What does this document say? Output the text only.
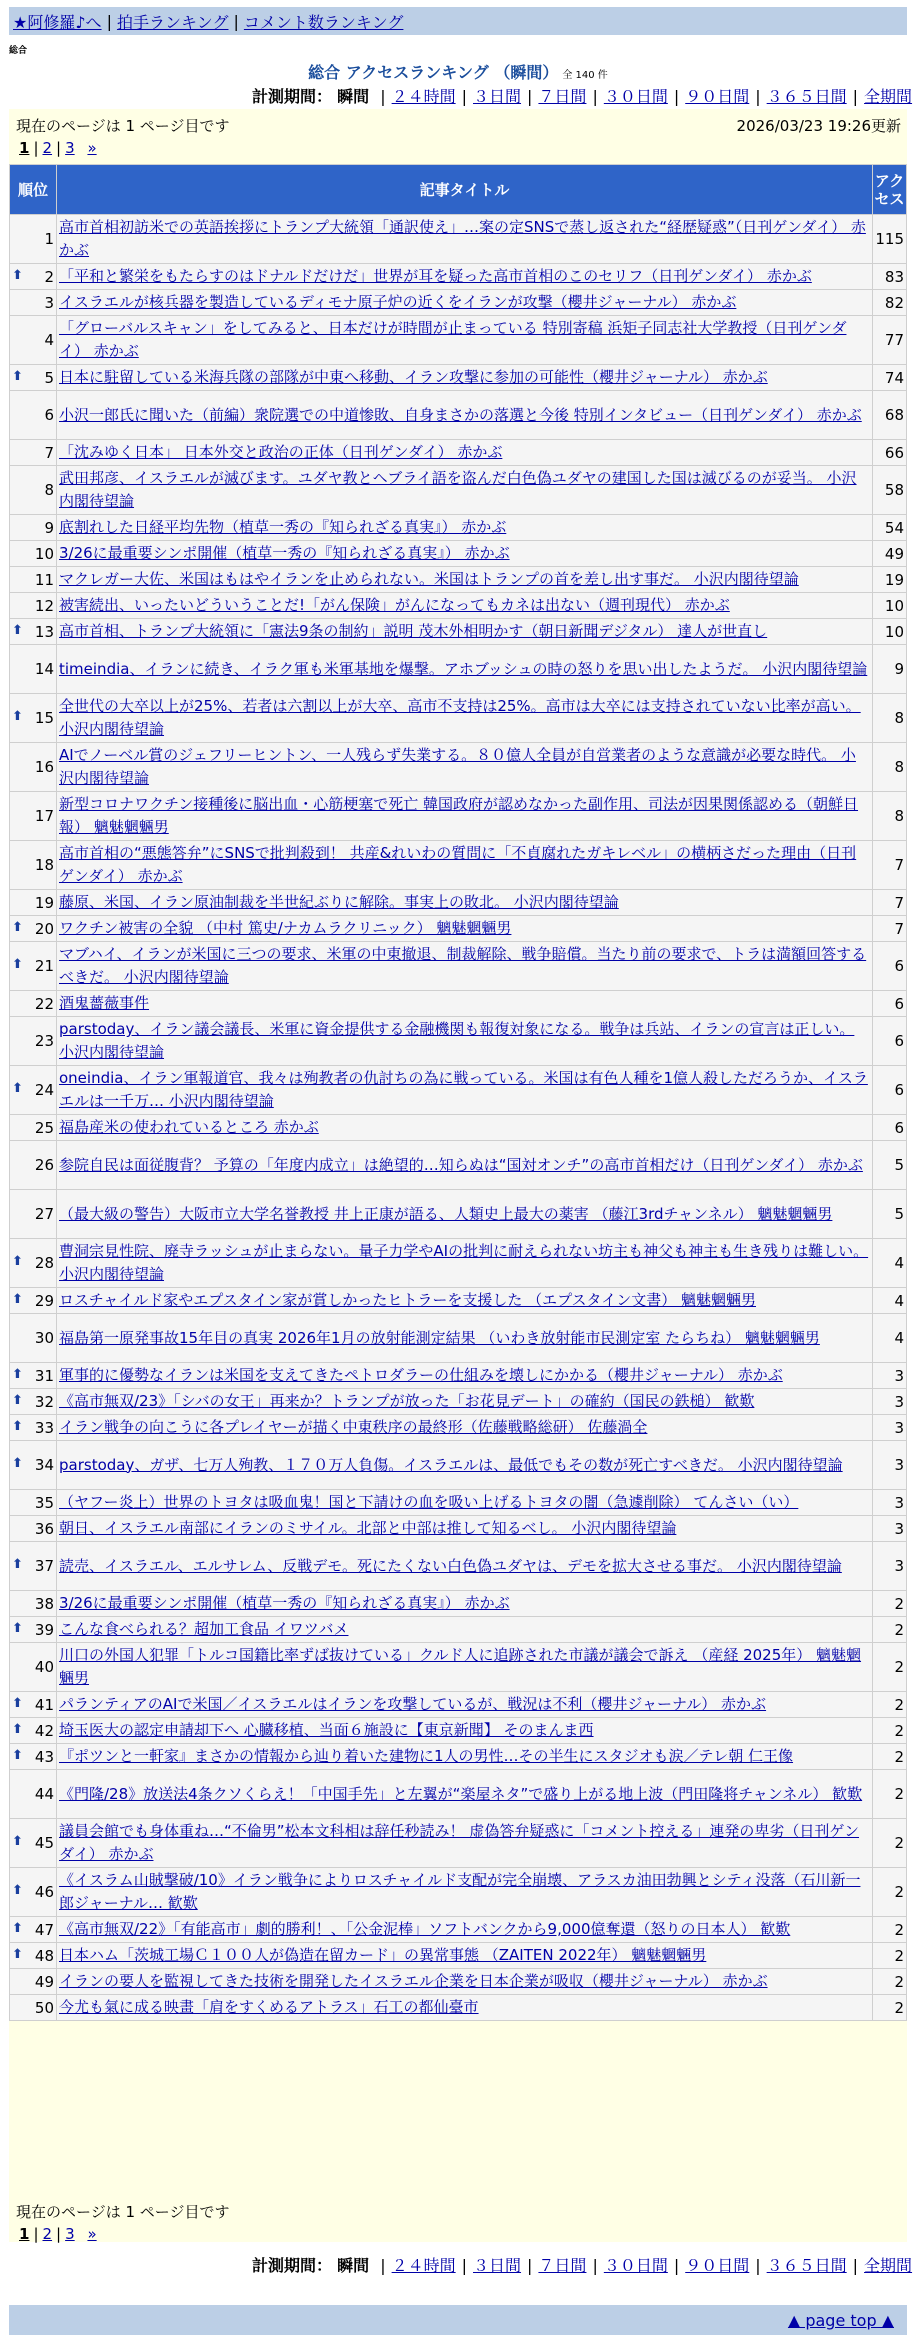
★阿修羅♪へ | 拍手ランキング | コメント数ランキング
総合
総合 アクセスランキング （瞬間） 全 140 件
計測期間： 瞬間 | ２４時間 | ３日間 | ７日間 | ３０日間 | ９０日間 | ３６５日間 | 全期間
現在のページは 1 ページ目です	2026/03/23 19:26更新
1 | 2 | 3 »
順位	記事タイトル	アクセス
1	高市首相初訪米での英語挨拶にトランプ大統領「通訳使え」…案の定SNSで蒸し返された“経歴疑惑”（日刊ゲンダイ） 赤かぶ	115

⬆ 2	「平和と繁栄をもたらすのはドナルドだけだ」世界が耳を疑った高市首相のこのセリフ（日刊ゲンダイ） 赤かぶ	83
3	イスラエルが核兵器を製造しているディモナ原子炉の近くをイランが攻撃（櫻井ジャーナル） 赤かぶ	82
4	「グローバルスキャン」をしてみると、日本だけが時間が止まっている 特別寄稿 浜矩子同志社大学教授（日刊ゲンダイ） 赤かぶ	77

⬆ 5	日本に駐留している米海兵隊の部隊が中東へ移動、イラン攻撃に参加の可能性（櫻井ジャーナル） 赤かぶ	74
6	小沢一郎氏に聞いた（前編）衆院選での中道惨敗、自身まさかの落選と今後 特別インタビュー（日刊ゲンダイ） 赤かぶ	68
7	「沈みゆく日本」 日本外交と政治の正体（日刊ゲンダイ） 赤かぶ	66
8	武田邦彦、イスラエルが滅びます。ユダヤ教とヘブライ語を盗んだ白色偽ユダヤの建国した国は滅びるのが妥当。 小沢内閣待望論	58
9	底割れした日経平均先物（植草一秀の『知られざる真実』） 赤かぶ	54
10	3/26に最重要シンポ開催（植草一秀の『知られざる真実』） 赤かぶ	49
11	マクレガー大佐、米国はもはやイランを止められない。米国はトランプの首を差し出す事だ。 小沢内閣待望論	19
12	被害続出、いったいどういうことだ!「がん保険」がんになってもカネは出ない（週刊現代） 赤かぶ	10

⬆ 13	高市首相、トランプ大統領に「憲法9条の制約」説明 茂木外相明かす（朝日新聞デジタル） 達人が世直し	10
14	timeindia、イランに続き、イラク軍も米軍基地を爆撃。アホブッシュの時の怒りを思い出したようだ。 小沢内閣待望論	9

⬆ 15	全世代の大卒以上が25%、若者は六割以上が大卒、高市不支持は25%。高市は大卒には支持されていない比率が高い。 小沢内閣待望論	8
16	AIでノーベル賞のジェフリーヒントン、一人残らず失業する。８０億人全員が自営業者のような意識が必要な時代。 小沢内閣待望論	8
17	新型コロナワクチン接種後に脳出血・心筋梗塞で死亡 韓国政府が認めなかった副作用、司法が因果関係認める（朝鮮日報） 魑魅魍魎男	8
18	高市首相の“悪態答弁”にSNSで批判殺到！ 共産&れいわの質問に「不貞腐れたガキレベル」の横柄さだった理由（日刊ゲンダイ） 赤かぶ	7
19	藤原、米国、イラン原油制裁を半世紀ぶりに解除。事実上の敗北。 小沢内閣待望論	7

⬆ 20	ワクチン被害の全貌 （中村 篤史/ナカムラクリニック） 魑魅魍魎男	7

⬆ 21	マブハイ、イランが米国に三つの要求、米軍の中東撤退、制裁解除、戦争賠償。当たり前の要求で、トラは満額回答するべきだ。 小沢内閣待望論	6
22	酒鬼薔薇事件	6
23	parstoday、イラン議会議長、米軍に資金提供する金融機関も報復対象になる。戦争は兵站、イランの宣言は正しい。 小沢内閣待望論	6

⬆ 24	oneindia、イラン軍報道官、我々は殉教者の仇討ちの為に戦っている。米国は有色人種を1億人殺しただろうか、イスラエルは一千万… 小沢内閣待望論	6
25	福島産米の使われているところ 赤かぶ	6
26	参院自民は面従腹背？ 予算の「年度内成立」は絶望的…知らぬは“国対オンチ”の高市首相だけ（日刊ゲンダイ） 赤かぶ	5
27	（最大級の警告）大阪市立大学名誉教授 井上正康が語る、人類史上最大の薬害 （藤江3rdチャンネル） 魑魅魍魎男	5

⬆ 28	曹洞宗見性院、廃寺ラッシュが止まらない。量子力学やAIの批判に耐えられない坊主も神父も神主も生き残りは難しい。 小沢内閣待望論	4

⬆ 29	ロスチャイルド家やエプスタイン家が賞しかったヒトラーを支援した （エプスタイン文書） 魑魅魍魎男	4
30	福島第一原発事故15年目の真実 2026年1月の放射能測定結果 （いわき放射能市民測定室 たらちね） 魑魅魍魎男	4

⬆ 31	軍事的に優勢なイランは米国を支えてきたペトロダラーの仕組みを壊しにかかる（櫻井ジャーナル） 赤かぶ	3

⬆ 32	《高市無双/23》「シバの女王」再来か？トランプが放った「お花見デート」の確約（国民の鉄槌） 歓歎	3

⬆ 33	イラン戦争の向こうに各プレイヤーが描く中東秩序の最終形（佐藤戦略総研） 佐藤渦全	3

⬆ 34	parstoday、ガザ、七万人殉教、１７０万人負傷。イスラエルは、最低でもその数が死亡すべきだ。 小沢内閣待望論	3
35	（ヤフー炎上）世界のトヨタは吸血鬼！国と下請けの血を吸い上げるトヨタの闇（急遽削除） てんさい（い）	3
36	朝日、イスラエル南部にイランのミサイル。北部と中部は推して知るべし。 小沢内閣待望論	3

⬆ 37	読売、イスラエル、エルサレム、反戦デモ。死にたくない白色偽ユダヤは、デモを拡大させる事だ。 小沢内閣待望論	3
38	3/26に最重要シンポ開催（植草一秀の『知られざる真実』） 赤かぶ	2

⬆ 39	こんな食べられる？超加工食品 イワツバメ	2
40	川口の外国人犯罪「トルコ国籍比率ずば抜けている」クルド人に追跡された市議が議会で訴え （産経 2025年） 魑魅魍魎男	2

⬆ 41	パランティアのAIで米国／イスラエルはイランを攻撃しているが、戦況は不利（櫻井ジャーナル） 赤かぶ	2

⬆ 42	埼玉医大の認定申請却下へ 心臓移植、当面６施設に【東京新聞】 そのまんま西	2

⬆ 43	『ポツンと一軒家』まさかの情報から辿り着いた建物に1人の男性…その半生にスタジオも涙／テレ朝 仁王像	2
44	《門隆/28》放送法4条クソくらえ！「中国手先」と左翼が“楽屋ネタ”で盛り上がる地上波（門田隆将チャンネル） 歓歎	2

⬆ 45	議員会館でも身体重ね…“不倫男”松本文科相は辞任秒読み！ 虚偽答弁疑惑に「コメント控える」連発の卑劣（日刊ゲンダイ） 赤かぶ	2

⬆ 46	《イスラム山賊撃破/10》イラン戦争によりロスチャイルド支配が完全崩壊、アラスカ油田勃興とシティ没落（石川新一郎ジャーナル… 歓歎	2

⬆ 47	《高市無双/22》「有能高市」劇的勝利！、「公金泥棒」ソフトバンクから9,000億奪還（怒りの日本人） 歓歎	2

⬆ 48	日本ハム「茨城工場Ｃ１００人が偽造在留カード」の異常事態 （ZAITEN 2022年） 魑魅魍魎男	2
49	イランの要人を監視してきた技術を開発したイスラエル企業を日本企業が吸収（櫻井ジャーナル） 赤かぶ	2
50	今尤も氣に成る映畫「肩をすくめるアトラス」石工の都仙臺市	2
現在のページは 1 ページ目です
1 | 2 | 3 »
計測期間： 瞬間 | ２４時間 | ３日間 | ７日間 | ３０日間 | ９０日間 | ３６５日間 | 全期間
▲ page top ▲
